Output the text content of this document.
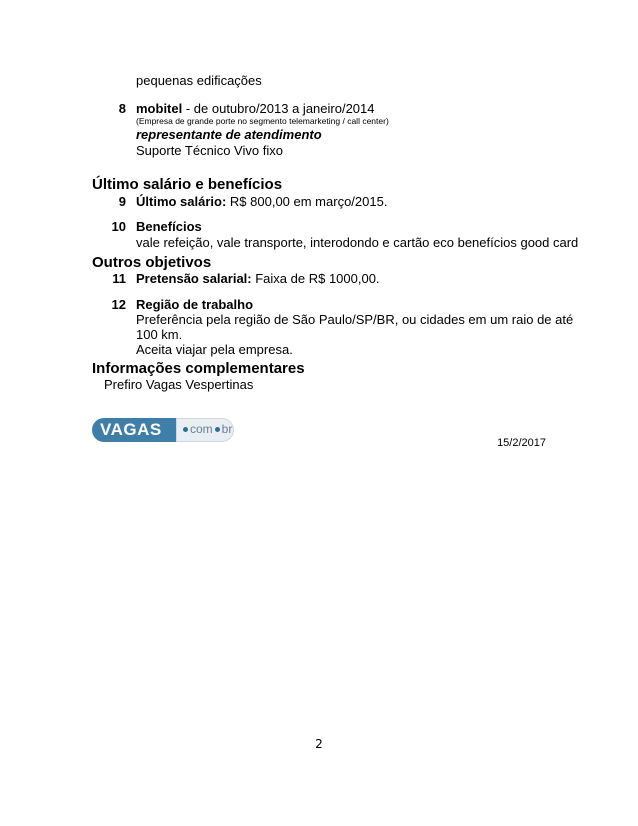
pequenas edificações
8 mobitel - de outubro/2013 a janeiro/2014
(Empresa de grande porte no segmento telemarketing / call center)
representante de atendimento
Suporte Técnico Vivo fixo
Último salário e benefícios
9 Último salário: R$ 800,00 em março/2015.
10 Benefícios
vale refeição, vale transporte, interodondo e cartão eco benefícios good card
Outros objetivos
11 Pretensão salarial: Faixa de R$ 1000,00.
12 Região de trabalho
Preferência pela região de São Paulo/SP/BR, ou cidades em um raio de até
100 km.
Aceita viajar pela empresa.
Informações complementares
Prefiro Vagas Vespertinas
VAGAS	com br
15/2/2017
2
